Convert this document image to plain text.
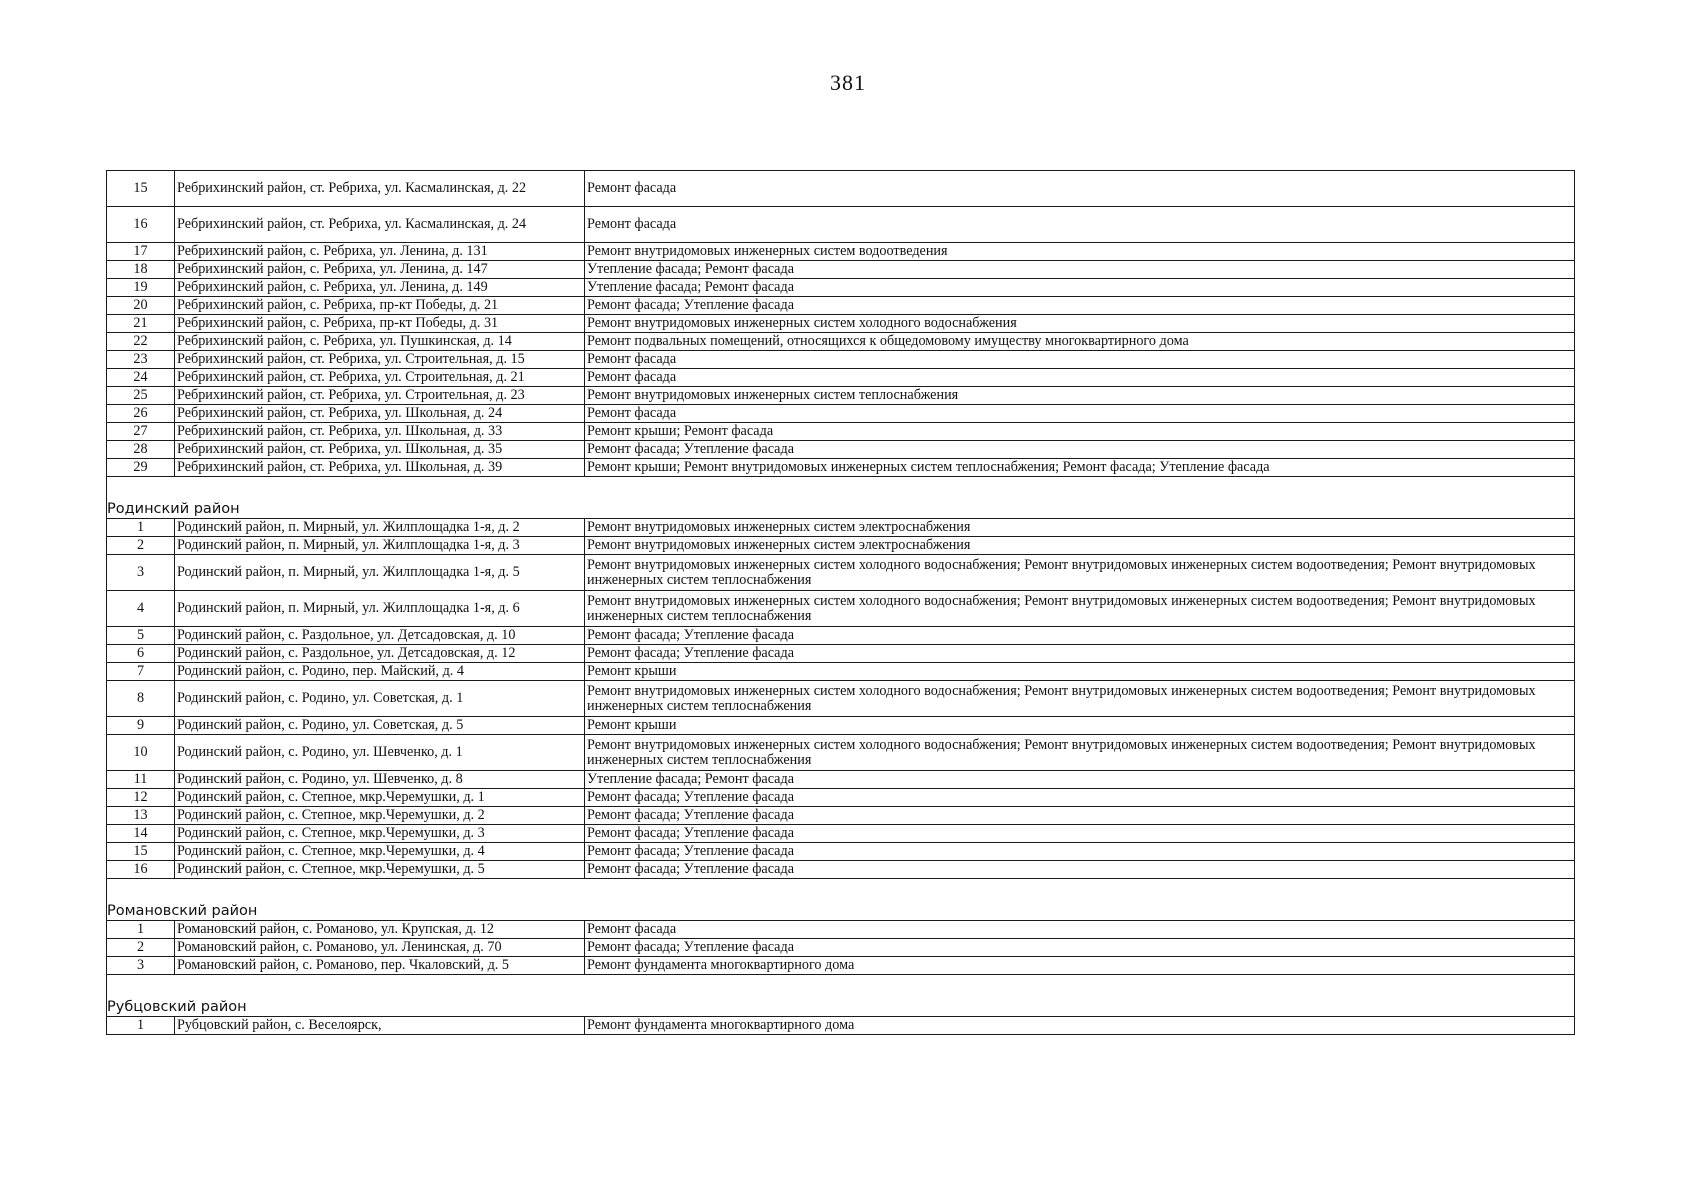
381
15	Ребрихинский район, ст. Ребриха, ул. Касмалинская, д. 22	Ремонт фасада
16	Ребрихинский район, ст. Ребриха, ул. Касмалинская, д. 24	Ремонт фасада
17	Ребрихинский район, с. Ребриха, ул. Ленина, д. 131	Ремонт внутридомовых инженерных систем водоотведения
18	Ребрихинский район, с. Ребриха, ул. Ленина, д. 147	Утепление фасада; Ремонт фасада
19	Ребрихинский район, с. Ребриха, ул. Ленина, д. 149	Утепление фасада; Ремонт фасада
20	Ребрихинский район, с. Ребриха, пр-кт Победы, д. 21	Ремонт фасада; Утепление фасада
21	Ребрихинский район, с. Ребриха, пр-кт Победы, д. 31	Ремонт внутридомовых инженерных систем холодного водоснабжения
22	Ребрихинский район, с. Ребриха, ул. Пушкинская, д. 14	Ремонт подвальных помещений, относящихся к общедомовому имуществу многоквартирного дома
23	Ребрихинский район, ст. Ребриха, ул. Строительная, д. 15	Ремонт фасада
24	Ребрихинский район, ст. Ребриха, ул. Строительная, д. 21	Ремонт фасада
25	Ребрихинский район, ст. Ребриха, ул. Строительная, д. 23	Ремонт внутридомовых инженерных систем теплоснабжения
26	Ребрихинский район, ст. Ребриха, ул. Школьная, д. 24	Ремонт фасада
27	Ребрихинский район, ст. Ребриха, ул. Школьная, д. 33	Ремонт крыши; Ремонт фасада
28	Ребрихинский район, ст. Ребриха, ул. Школьная, д. 35	Ремонт фасада; Утепление фасада
29	Ребрихинский район, ст. Ребриха, ул. Школьная, д. 39	Ремонт крыши; Ремонт внутридомовых инженерных систем теплоснабжения; Ремонт фасада; Утепление фасада
Родинский район		
1	Родинский район, п. Мирный, ул. Жилплощадка 1-я, д. 2	Ремонт внутридомовых инженерных систем электроснабжения
2	Родинский район, п. Мирный, ул. Жилплощадка 1-я, д. 3	Ремонт внутридомовых инженерных систем электроснабжения
3	Родинский район, п. Мирный, ул. Жилплощадка 1-я, д. 5	Ремонт внутридомовых инженерных систем холодного водоснабжения; Ремонт внутридомовых инженерных систем водоотведения; Ремонт внутридомовых инженерных систем теплоснабжения
4	Родинский район, п. Мирный, ул. Жилплощадка 1-я, д. 6	Ремонт внутридомовых инженерных систем холодного водоснабжения; Ремонт внутридомовых инженерных систем водоотведения; Ремонт внутридомовых инженерных систем теплоснабжения
5	Родинский район, с. Раздольное, ул. Детсадовская, д. 10	Ремонт фасада; Утепление фасада
6	Родинский район, с. Раздольное, ул. Детсадовская, д. 12	Ремонт фасада; Утепление фасада
7	Родинский район, с. Родино, пер. Майский, д. 4	Ремонт крыши
8	Родинский район, с. Родино, ул. Советская, д. 1	Ремонт внутридомовых инженерных систем холодного водоснабжения; Ремонт внутридомовых инженерных систем водоотведения; Ремонт внутридомовых инженерных систем теплоснабжения
9	Родинский район, с. Родино, ул. Советская, д. 5	Ремонт крыши
10	Родинский район, с. Родино, ул. Шевченко, д. 1	Ремонт внутридомовых инженерных систем холодного водоснабжения; Ремонт внутридомовых инженерных систем водоотведения; Ремонт внутридомовых инженерных систем теплоснабжения
11	Родинский район, с. Родино, ул. Шевченко, д. 8	Утепление фасада; Ремонт фасада
12	Родинский район, с. Степное, мкр.Черемушки, д. 1	Ремонт фасада; Утепление фасада
13	Родинский район, с. Степное, мкр.Черемушки, д. 2	Ремонт фасада; Утепление фасада
14	Родинский район, с. Степное, мкр.Черемушки, д. 3	Ремонт фасада; Утепление фасада
15	Родинский район, с. Степное, мкр.Черемушки, д. 4	Ремонт фасада; Утепление фасада
16	Родинский район, с. Степное, мкр.Черемушки, д. 5	Ремонт фасада; Утепление фасада
Романовский район		
1	Романовский район, с. Романово, ул. Крупская, д. 12	Ремонт фасада
2	Романовский район, с. Романово, ул. Ленинская, д. 70	Ремонт фасада; Утепление фасада
3	Романовский район, с. Романово, пер. Чкаловский, д. 5	Ремонт фундамента многоквартирного дома
Рубцовский район		
1	Рубцовский район, с. Веселоярск,	Ремонт фундамента многоквартирного дома
